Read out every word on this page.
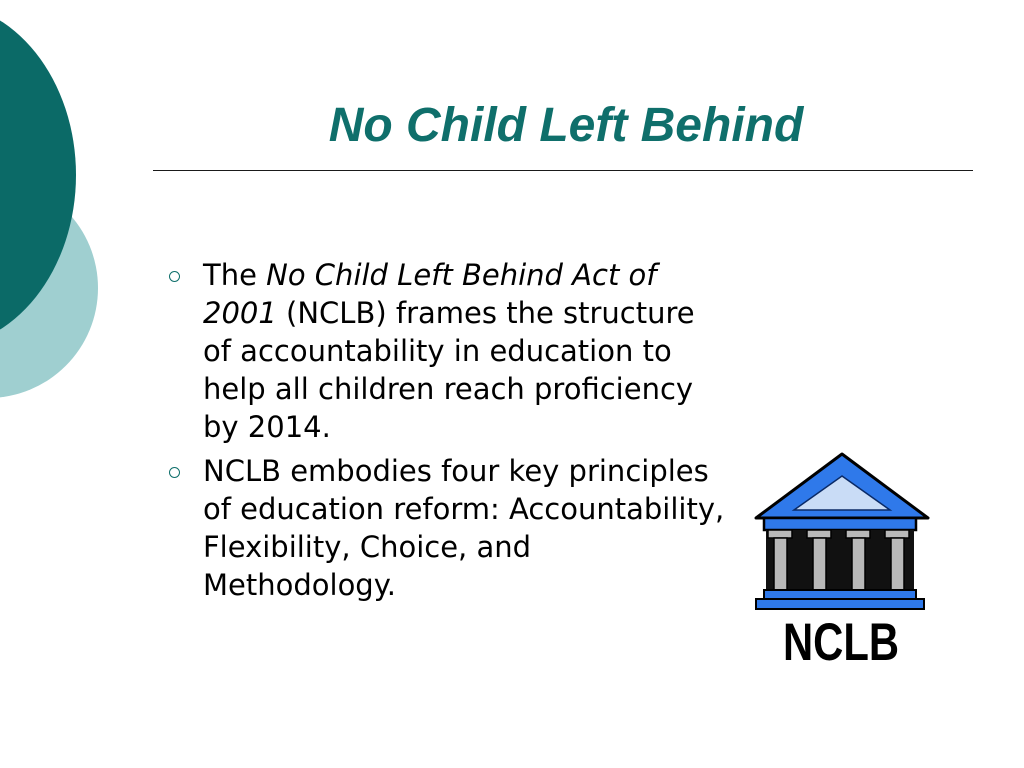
No Child Left Behind
The No Child Left Behind Act of 2001 (NCLB) frames the structure of accountability in education to help all children reach proficiency by 2014.
NCLB embodies four key principles of education reform: Accountability, Flexibility, Choice, and Methodology.
NCLB
